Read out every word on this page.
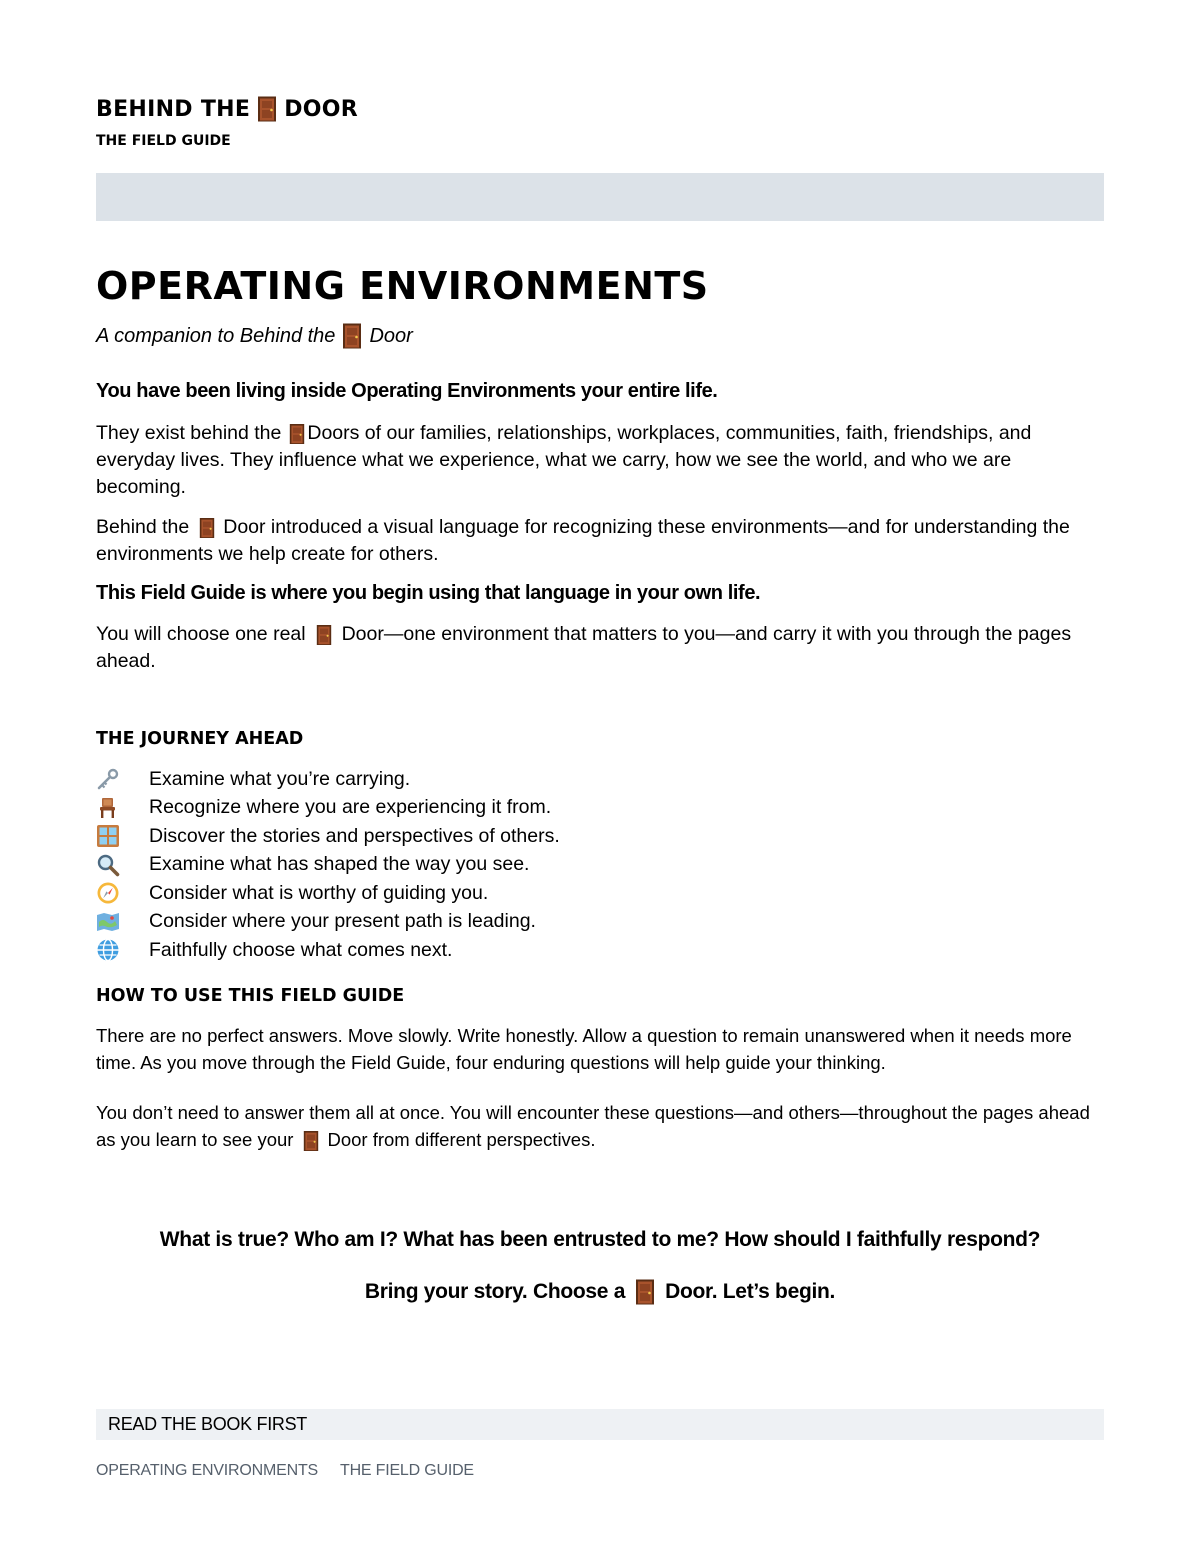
BEHIND THE DOOR
THE FIELD GUIDE
OPERATING ENVIRONMENTS
A companion to Behind the Door

You have been living inside Operating Environments your entire life.

They exist behind the Doors of our families, relationships, workplaces, communities, faith, friendships, and everyday lives. They influence what we experience, what we carry, how we see the world, and who we are becoming.

Behind the Door introduced a visual language for recognizing these environments—and for understanding the environments we help create for others.

This Field Guide is where you begin using that language in your own life.

You will choose one real Door—one environment that matters to you—and carry it with you through the pages ahead.

THE JOURNEY AHEAD
Examine what you’re carrying.
Recognize where you are experiencing it from.
Discover the stories and perspectives of others.
Examine what has shaped the way you see.
Consider what is worthy of guiding you.
Consider where your present path is leading.
Faithfully choose what comes next.
HOW TO USE THIS FIELD GUIDE

There are no perfect answers. Move slowly. Write honestly. Allow a question to remain unanswered when it needs more time. As you move through the Field Guide, four enduring questions will help guide your thinking.

You don’t need to answer them all at once. You will encounter these questions—and others—throughout the pages ahead as you learn to see your Door from different perspectives.

What is true? Who am I? What has been entrusted to me? How should I faithfully respond?
Bring your story. Choose a Door. Let’s begin.
READ THE BOOK FIRST
OPERATING ENVIRONMENTS THE FIELD GUIDE
